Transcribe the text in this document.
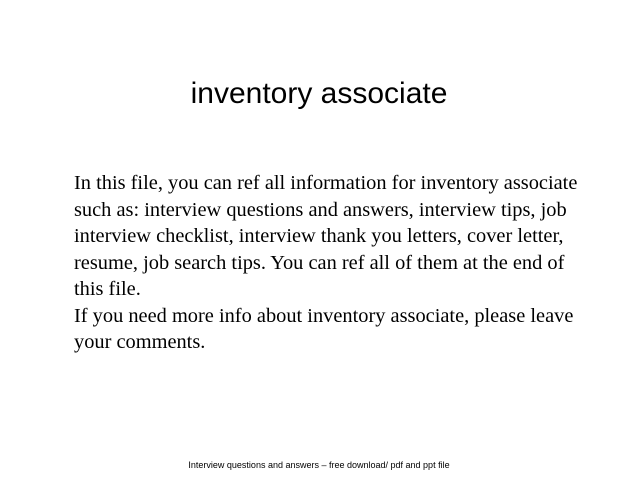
inventory associate

In this file, you can ref all information for inventory associate
such as: interview questions and answers, interview tips, job
interview checklist, interview thank you letters, cover letter,
resume, job search tips. You can ref all of them at the end of
this file.

If you need more info about inventory associate, please leave
your comments.

Interview questions and answers – free download/ pdf and ppt file
